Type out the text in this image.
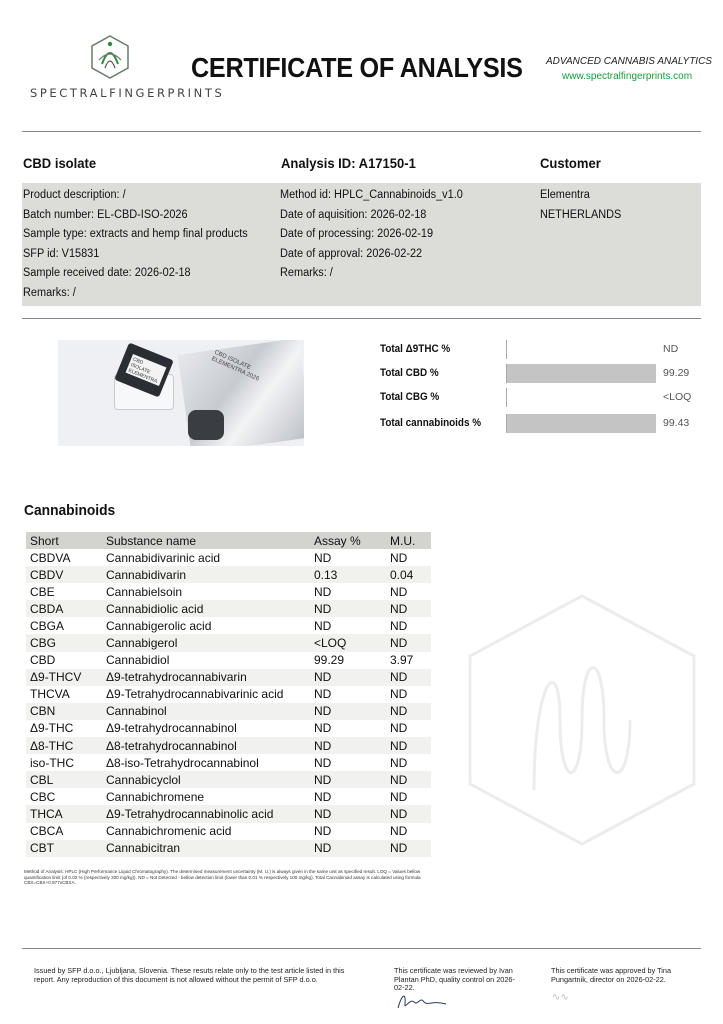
SPECTRALFINGERPRINTS
CERTIFICATE OF ANALYSIS ADVANCED CANNABIS ANALYTICS
www.spectralfingerprints.com
CBD isolate	Analysis ID: A17150-1	Customer
Product description: /
Batch number: EL-CBD-ISO-2026
Sample type: extracts and hemp final products
SFP id: V15831
Sample received date: 2026-02-18
Remarks: /
Method id: HPLC_Cannabinoids_v1.0
Date of aquisition: 2026-02-18
Date of processing: 2026-02-19
Date of approval: 2026-02-22
Remarks: /
Elementra
NETHERLANDS
CBD ISOLATE ELEMENTRA 2026
CBD ISOLATE ELEMENTRA 2026
Total Δ9THC %	ND
Total CBD %	99.29
Total CBG %	<LOQ
Total cannabinoids %	99.43
Cannabinoids
Short	Substance name	Assay %	M.U.
CBDVA	Cannabidivarinic acid	ND	ND
CBDV	Cannabidivarin	0.13	0.04
CBE	Cannabielsoin	ND	ND
CBDA	Cannabidiolic acid	ND	ND
CBGA	Cannabigerolic acid	ND	ND
CBG	Cannabigerol	<LOQ	ND
CBD	Cannabidiol	99.29	3.97
Δ9-THCV	Δ9-tetrahydrocannabivarin	ND	ND
THCVA	Δ9-Tetrahydrocannabivarinic acid	ND	ND
CBN	Cannabinol	ND	ND
Δ9-THC	Δ9-tetrahydrocannabinol	ND	ND
Δ8-THC	Δ8-tetrahydrocannabinol	ND	ND
iso-THC	Δ8-iso-Tetrahydrocannabinol	ND	ND
CBL	Cannabicyclol	ND	ND
CBC	Cannabichromene	ND	ND
THCA	Δ9-Tetrahydrocannabinolic acid	ND	ND
CBCA	Cannabichromenic acid	ND	ND
CBT	Cannabicitran	ND	ND
Method of Analysis: HPLC (High Performance Liquid Chromatography). The determined measurement uncertainty (M. U.) is always given in the same unit as specified result. LOQ = Values bellow quantification limit (of 0.02 % (respectively 200 mg/kg)). ND = Not Detected - bellow detection limit (lower than 0.01 % respectively 100 mg/kg). Total Cannabinoid assay is calculated using formula CBX=CBX+0.877xCBXA.
Issued by SFP d.o.o., Ljubljana, Slovenia. These resuts relate only to the test article listed in this report. Any reproduction of this document is not allowed without the permit of SFP d.o.o.
This certificate was reviewed by Ivan Plantan PhD, quality control on 2026-02-22.
This certificate was approved by Tina Pungartnik, director on 2026-02-22.
∿∿
